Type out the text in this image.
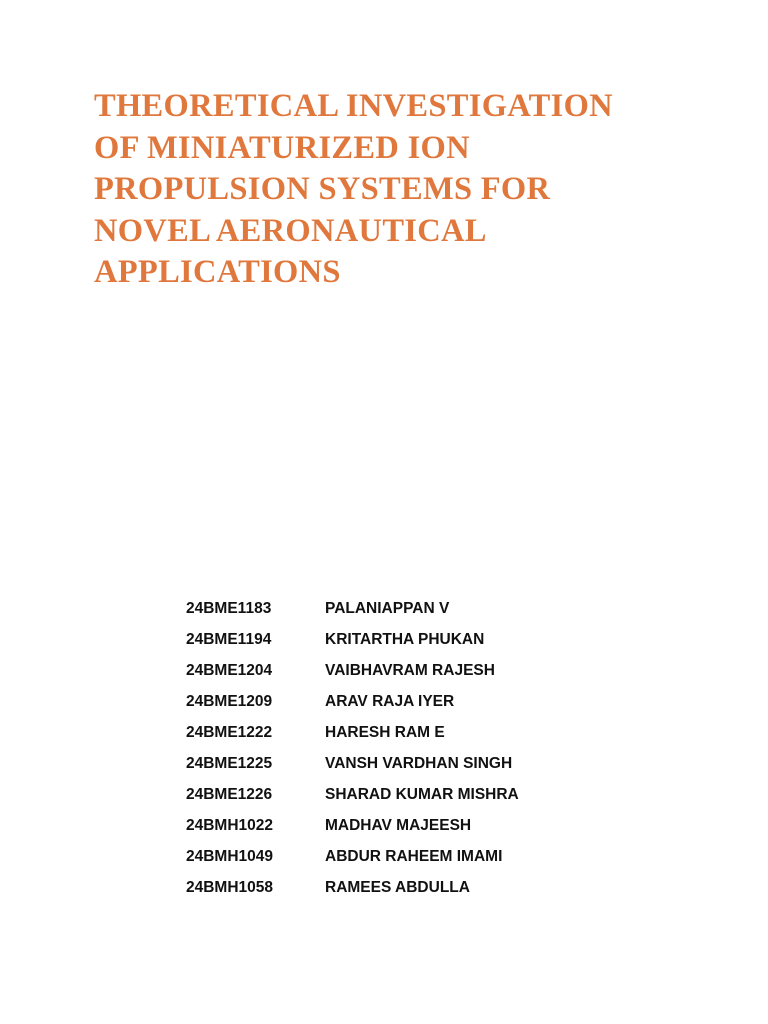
THEORETICAL INVESTIGATION
OF MINIATURIZED ION
PROPULSION SYSTEMS FOR
NOVEL AERONAUTICAL
APPLICATIONS
24BME1183	PALANIAPPAN V
24BME1194	KRITARTHA PHUKAN
24BME1204	VAIBHAVRAM RAJESH
24BME1209	ARAV RAJA IYER
24BME1222	HARESH RAM E
24BME1225	VANSH VARDHAN SINGH
24BME1226	SHARAD KUMAR MISHRA
24BMH1022	MADHAV MAJEESH
24BMH1049	ABDUR RAHEEM IMAMI
24BMH1058	RAMEES ABDULLA
